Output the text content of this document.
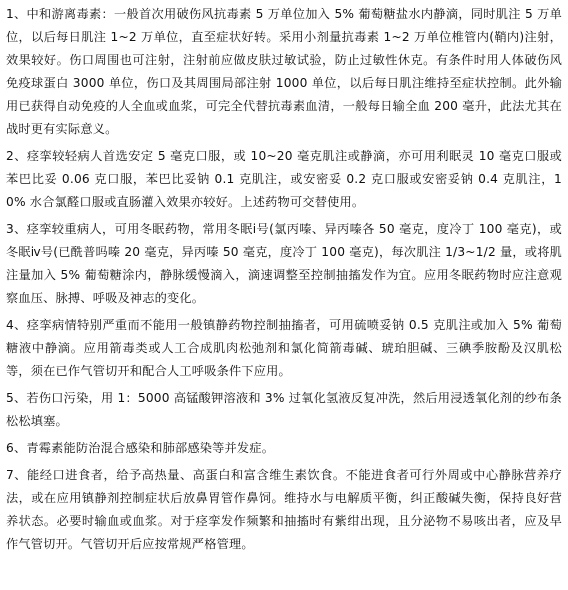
1、中和游离毒素：一般首次用破伤风抗毒素 5 万单位加入 5% 葡萄糖盐水内静滴，同时肌注 5 万单位，以后每日肌注 1~2 万单位，直至症状好转。采用小剂量抗毒素 1~2 万单位椎管内(鞘内)注射，效果较好。伤口周围也可注射，注射前应做皮肤过敏试验，防止过敏性休克。有条件时用人体破伤风免疫球蛋白 3000 单位，伤口及其周围局部注射 1000 单位，以后每日肌注维持至症状控制。此外输用已获得自动免疫的人全血或血浆，可完全代替抗毒素血清，一般每日输全血 200 毫升，此法尤其在战时更有实际意义。

2、痉挛较轻病人首选安定 5 毫克口服，或 10~20 毫克肌注或静滴，亦可用利眠灵 10 毫克口服或苯巴比妥 0.06 克口服，苯巴比妥钠 0.1 克肌注，或安密妥 0.2 克口服或安密妥钠 0.4 克肌注，10% 水合氯醛口服或直肠灌入效果亦较好。上述药物可交替使用。

3、痉挛较重病人，可用冬眠药物，常用冬眠ⅰ号(氯丙嗪、异丙嗪各 50 毫克，度冷丁 100 毫克)，或冬眠ⅳ号(已酰普吗嗪 20 毫克，异丙嗪 50 毫克，度冷丁 100 毫克)，每次肌注 1/3~1/2 量，或将肌注量加入 5% 葡萄糖涂内，静脉缓慢滴入，滴速调整至控制抽搐发作为宜。应用冬眠药物时应注意观察血压、脉搏、呼吸及神志的变化。

4、痉挛病情特别严重而不能用一般镇静药物控制抽搐者，可用硫喷妥钠 0.5 克肌注或加入 5% 葡萄糖液中静滴。应用箭毒类或人工合成肌肉松弛剂和氯化简箭毒碱、琥珀胆碱、三碘季胺酚及汉肌松等，须在已作气管切开和配合人工呼吸条件下应用。

5、若伤口污染，用 1：5000 高锰酸钾溶液和 3% 过氧化氢液反复冲洗，然后用浸透氧化剂的纱布条松松填塞。

6、青霉素能防治混合感染和肺部感染等并发症。

7、能经口进食者，给予高热量、高蛋白和富含维生素饮食。不能进食者可行外周或中心静脉营养疗法，或在应用镇静剂控制症状后放鼻胃管作鼻饲。维持水与电解质平衡，纠正酸碱失衡，保持良好营养状态。必要时输血或血浆。对于痉挛发作频繁和抽搐时有紫绀出现，且分泌物不易咳出者，应及早作气管切开。气管切开后应按常规严格管理。
